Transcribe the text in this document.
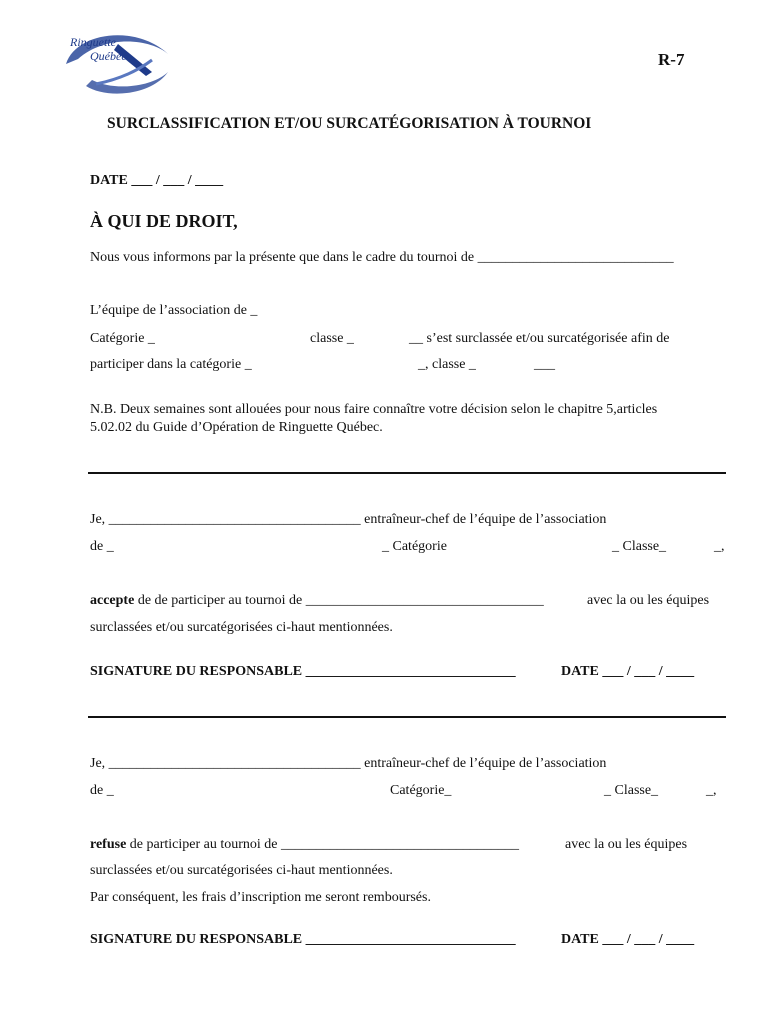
Ringuette
Québec	R-7
SURCLASSIFICATION ET/OU SURCATÉGORISATION À TOURNOI
DATE ___ / ___ / ____
À QUI DE DROIT,
Nous vous informons par la présente que dans le cadre du tournoi de ____________________________
L’équipe de l’association de _
Catégorie _	classe _	__ s’est surclassée et/ou surcatégorisée afin de
participer dans la catégorie _	_, classe _	___
N.B. Deux semaines sont allouées pour nous faire connaître votre décision selon le chapitre 5,articles
5.02.02 du Guide d’Opération de Ringuette Québec.
Je, ____________________________________ entraîneur-chef de l’équipe de l’association
de _	_ Catégorie	_ Classe_	_,
accepte de de participer au tournoi de __________________________________	avec la ou les équipes
surclassées et/ou surcatégorisées ci-haut mentionnées.
SIGNATURE DU RESPONSABLE ______________________________	DATE ___ / ___ / ____
Je, ____________________________________ entraîneur-chef de l’équipe de l’association
de _	Catégorie_	_ Classe_	_,
refuse de participer au tournoi de __________________________________	avec la ou les équipes
surclassées et/ou surcatégorisées ci-haut mentionnées.
Par conséquent, les frais d’inscription me seront remboursés.
SIGNATURE DU RESPONSABLE ______________________________	DATE ___ / ___ / ____
